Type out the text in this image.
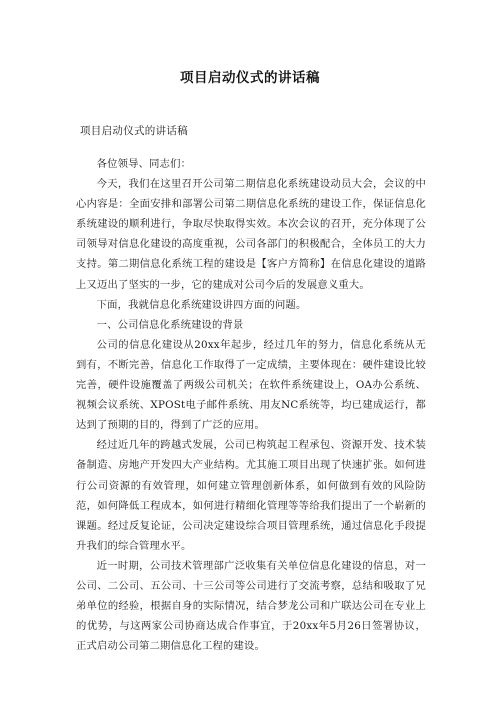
项目启动仪式的讲话稿
项目启动仪式的讲话稿

各位领导、同志们：

今天，我们在这里召开公司第二期信息化系统建设动员大会，会议的中心内容是：全面安排和部署公司第二期信息化系统的建设工作，保证信息化系统建设的顺利进行，争取尽快取得实效。本次会议的召开，充分体现了公司领导对信息化建设的高度重视，公司各部门的积极配合，全体员工的大力支持。第二期信息化系统工程的建设是【客户方简称】在信息化建设的道路上又迈出了坚实的一步，它的建成对公司今后的发展意义重大。

下面，我就信息化系统建设讲四方面的问题。

一、公司信息化系统建设的背景

公司的信息化建设从20xx年起步，经过几年的努力，信息化系统从无到有，不断完善，信息化工作取得了一定成绩，主要体现在：硬件建设比较完善，硬件设施覆盖了两级公司机关；在软件系统建设上，OA办公系统、视频会议系统、XPOSt电子邮件系统、用友NC系统等，均已建成运行，都达到了预期的目的，得到了广泛的应用。

经过近几年的跨越式发展，公司已构筑起工程承包、资源开发、技术装备制造、房地产开发四大产业结构。尤其施工项目出现了快速扩张。如何进行公司资源的有效管理，如何建立管理创新体系，如何做到有效的风险防范，如何降低工程成本，如何进行精细化管理等等给我们提出了一个崭新的课题。经过反复论证，公司决定建设综合项目管理系统，通过信息化手段提升我们的综合管理水平。

近一时期，公司技术管理部广泛收集有关单位信息化建设的信息，对一公司、二公司、五公司、十三公司等公司进行了交流考察，总结和吸取了兄弟单位的经验，根据自身的实际情况，结合梦龙公司和广联达公司在专业上的优势，与这两家公司协商达成合作事宜，于20xx年5月26日签署协议，正式启动公司第二期信息化工程的建设。
